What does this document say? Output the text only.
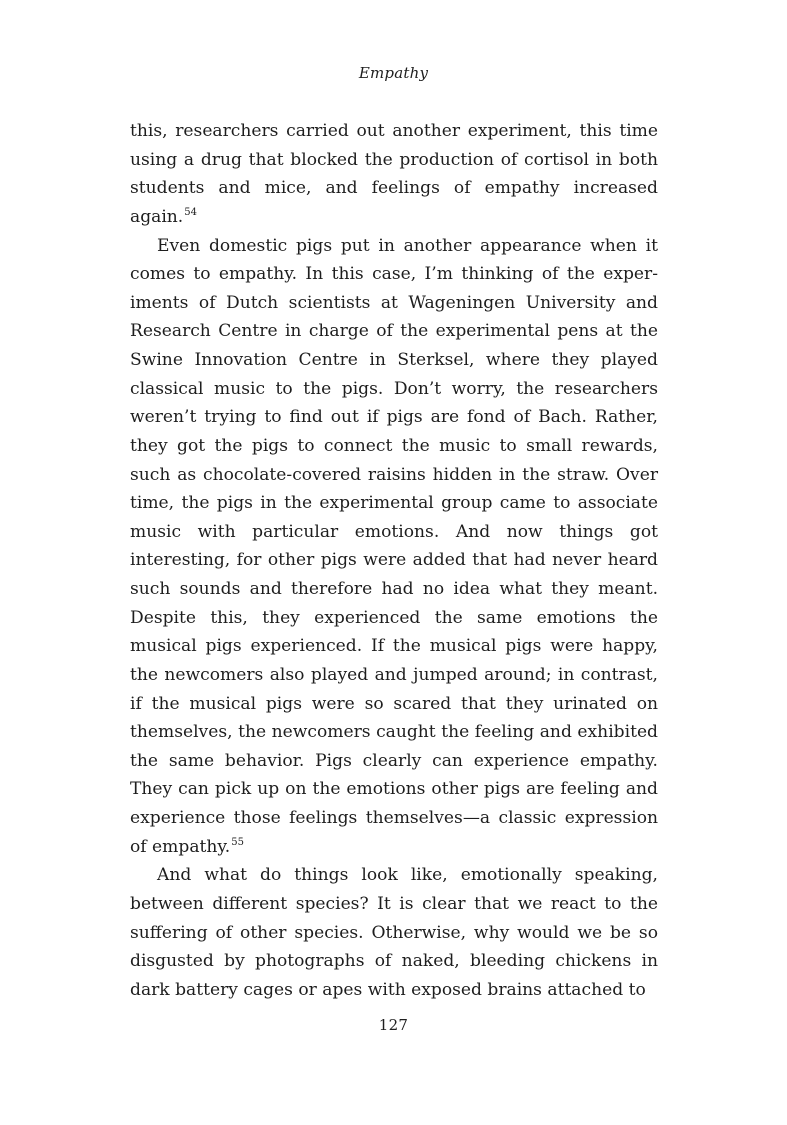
Empathy

this, researchers carried out another experiment, this time using a drug that blocked the production of cortisol in both students and mice, and feelings of empathy increased again.$^{54}$

Even domestic pigs put in another appearance when it comes to empathy. In this case, I’m thinking of the experiments of Dutch scientists at Wageningen University and Research Centre in charge of the experimental pens at the Swine Innovation Centre in Sterksel, where they played classical music to the pigs. Don’t worry, the researchers weren’t trying to find out if pigs are fond of Bach. Rather, they got the pigs to connect the music to small rewards, such as chocolate-covered raisins hidden in the straw. Over time, the pigs in the experimental group came to associate music with particular emotions. And now things got interesting, for other pigs were added that had never heard such sounds and therefore had no idea what they meant. Despite this, they experienced the same emotions the musical pigs experienced. If the musical pigs were happy, the newcomers also played and jumped around; in contrast, if the musical pigs were so scared that they urinated on themselves, the newcomers caught the feeling and exhibited the same behavior. Pigs clearly can experience empathy. They can pick up on the emotions other pigs are feeling and experience those feelings themselves—a classic expression of empathy.$^{55}$

And what do things look like, emotionally speaking, between different species? It is clear that we react to the suffering of other species. Otherwise, why would we be so disgusted by photographs of naked, bleeding chickens in dark battery cages or apes with exposed brains attached to

127
